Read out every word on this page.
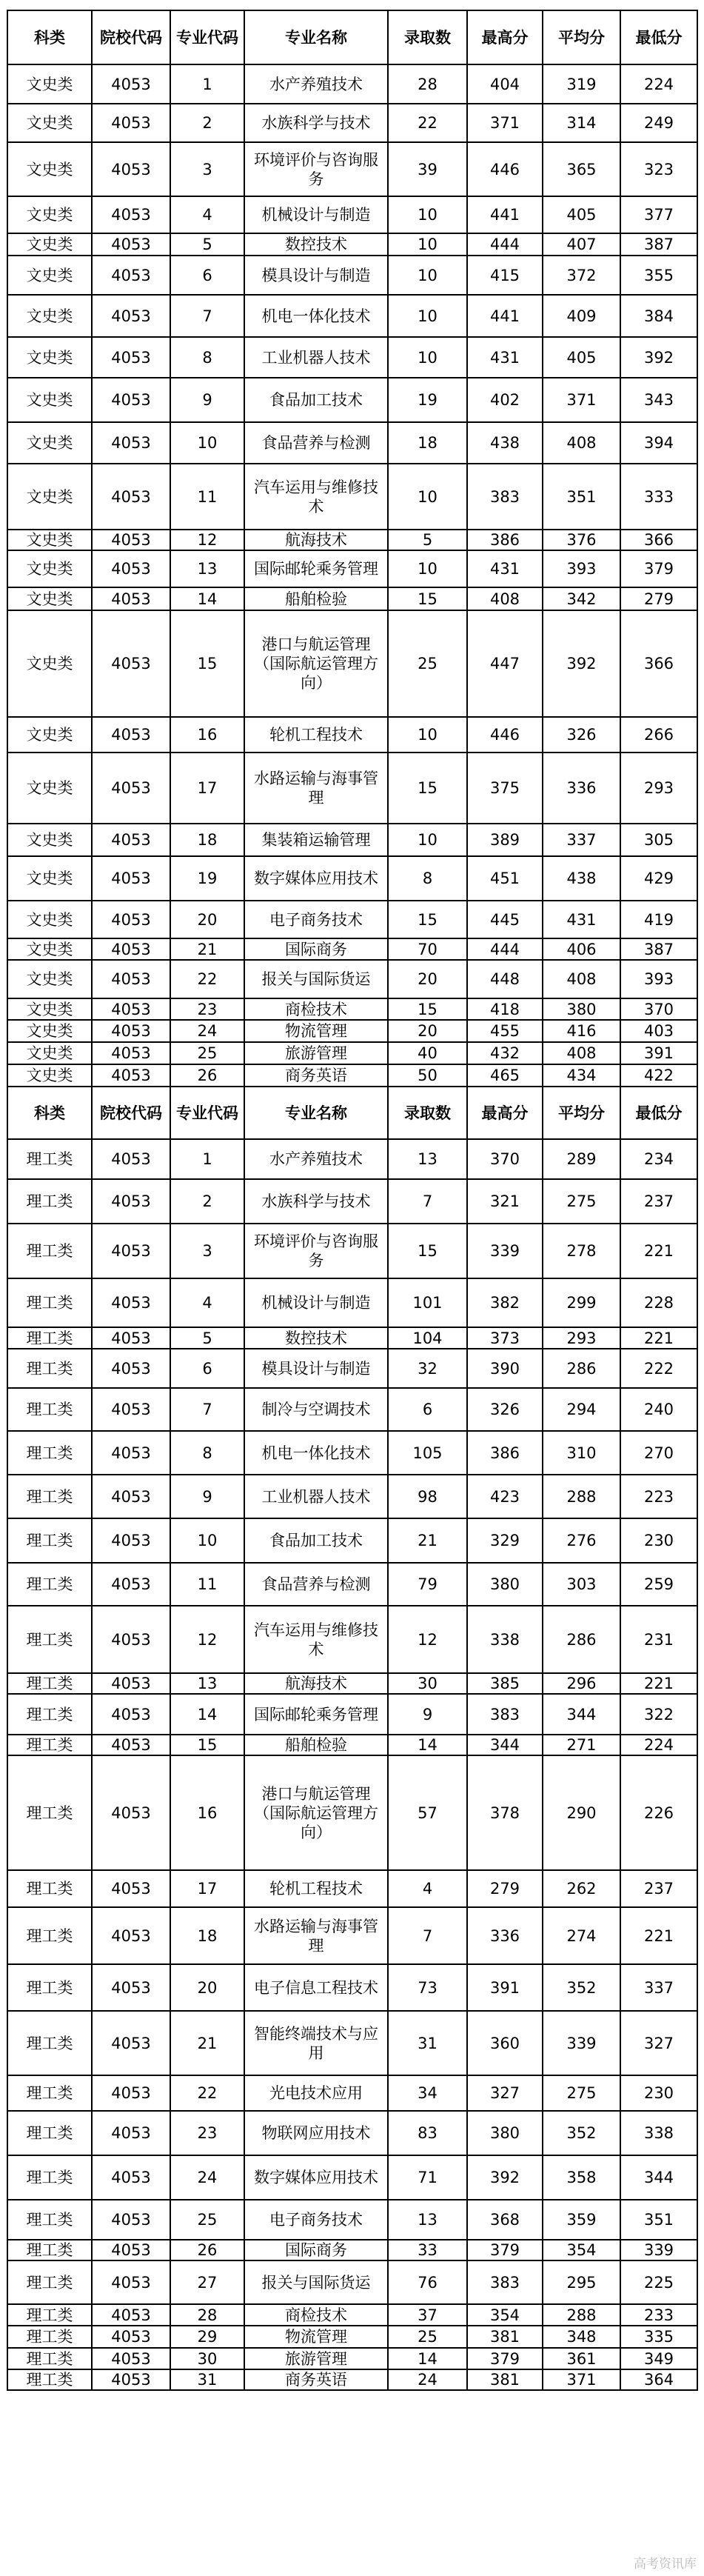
科类	院校代码	专业代码	专业名称	录取数	最高分	平均分	最低分
文史类	4053	1	水产养殖技术	28	404	319	224
文史类	4053	2	水族科学与技术	22	371	314	249
文史类	4053	3	环境评价与咨询服务	39	446	365	323
文史类	4053	4	机械设计与制造	10	441	405	377
文史类	4053	5	数控技术	10	444	407	387
文史类	4053	6	模具设计与制造	10	415	372	355
文史类	4053	7	机电一体化技术	10	441	409	384
文史类	4053	8	工业机器人技术	10	431	405	392
文史类	4053	9	食品加工技术	19	402	371	343
文史类	4053	10	食品营养与检测	18	438	408	394
文史类	4053	11	汽车运用与维修技术	10	383	351	333
文史类	4053	12	航海技术	5	386	376	366
文史类	4053	13	国际邮轮乘务管理	10	431	393	379
文史类	4053	14	船舶检验	15	408	342	279
文史类	4053	15	港口与航运管理（国际航运管理方向）	25	447	392	366
文史类	4053	16	轮机工程技术	10	446	326	266
文史类	4053	17	水路运输与海事管理	15	375	336	293
文史类	4053	18	集装箱运输管理	10	389	337	305
文史类	4053	19	数字媒体应用技术	8	451	438	429
文史类	4053	20	电子商务技术	15	445	431	419
文史类	4053	21	国际商务	70	444	406	387
文史类	4053	22	报关与国际货运	20	448	408	393
文史类	4053	23	商检技术	15	418	380	370
文史类	4053	24	物流管理	20	455	416	403
文史类	4053	25	旅游管理	40	432	408	391
文史类	4053	26	商务英语	50	465	434	422
科类	院校代码	专业代码	专业名称	录取数	最高分	平均分	最低分
理工类	4053	1	水产养殖技术	13	370	289	234
理工类	4053	2	水族科学与技术	7	321	275	237
理工类	4053	3	环境评价与咨询服务	15	339	278	221
理工类	4053	4	机械设计与制造	101	382	299	228
理工类	4053	5	数控技术	104	373	293	221
理工类	4053	6	模具设计与制造	32	390	286	222
理工类	4053	7	制冷与空调技术	6	326	294	240
理工类	4053	8	机电一体化技术	105	386	310	270
理工类	4053	9	工业机器人技术	98	423	288	223
理工类	4053	10	食品加工技术	21	329	276	230
理工类	4053	11	食品营养与检测	79	380	303	259
理工类	4053	12	汽车运用与维修技术	12	338	286	231
理工类	4053	13	航海技术	30	385	296	221
理工类	4053	14	国际邮轮乘务管理	9	383	344	322
理工类	4053	15	船舶检验	14	344	271	224
理工类	4053	16	港口与航运管理（国际航运管理方向）	57	378	290	226
理工类	4053	17	轮机工程技术	4	279	262	237
理工类	4053	18	水路运输与海事管理	7	336	274	221
理工类	4053	20	电子信息工程技术	73	391	352	337
理工类	4053	21	智能终端技术与应用	31	360	339	327
理工类	4053	22	光电技术应用	34	327	275	230
理工类	4053	23	物联网应用技术	83	380	352	338
理工类	4053	24	数字媒体应用技术	71	392	358	344
理工类	4053	25	电子商务技术	13	368	359	351
理工类	4053	26	国际商务	33	379	354	339
理工类	4053	27	报关与国际货运	76	383	295	225
理工类	4053	28	商检技术	37	354	288	233
理工类	4053	29	物流管理	25	381	348	335
理工类	4053	30	旅游管理	14	379	361	349
理工类	4053	31	商务英语	24	381	371	364
高考资讯库
